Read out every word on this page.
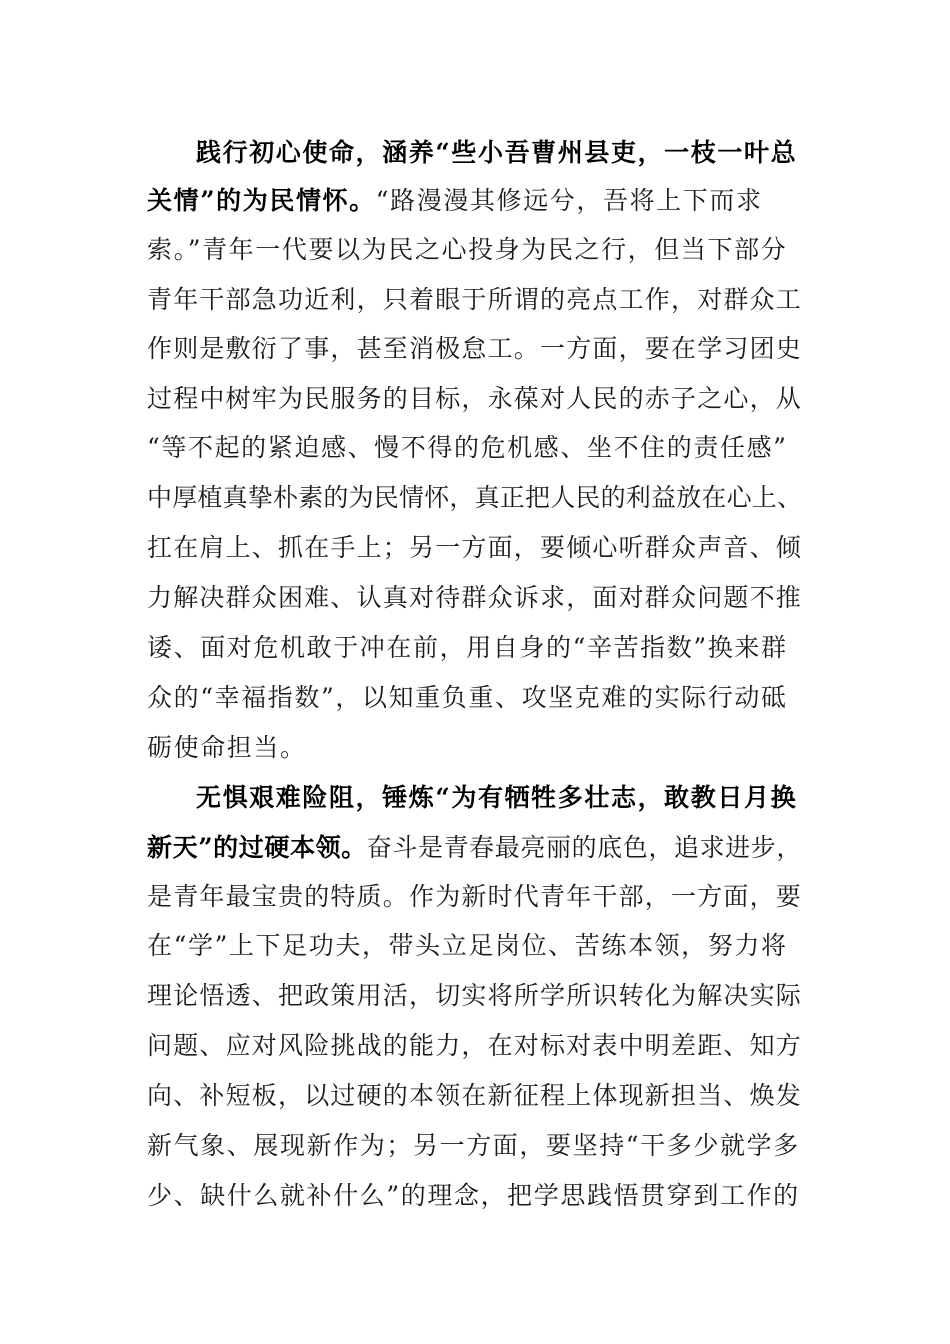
践行初心使命，涵养“些小吾曹州县吏，一枝一叶总
关情”的为民情怀。“路漫漫其修远兮，吾将上下而求
索。”青年一代要以为民之心投身为民之行，但当下部分
青年干部急功近利，只着眼于所谓的亮点工作，对群众工
作则是敷衍了事，甚至消极怠工。一方面，要在学习团史
过程中树牢为民服务的目标，永葆对人民的赤子之心，从
“等不起的紧迫感、慢不得的危机感、坐不住的责任感”
中厚植真挚朴素的为民情怀，真正把人民的利益放在心上、
扛在肩上、抓在手上；另一方面，要倾心听群众声音、倾
力解决群众困难、认真对待群众诉求，面对群众问题不推
诿、面对危机敢于冲在前，用自身的“辛苦指数”换来群
众的“幸福指数”，以知重负重、攻坚克难的实际行动砥
砺使命担当。
无惧艰难险阻，锤炼“为有牺牲多壮志，敢教日月换
新天”的过硬本领。奋斗是青春最亮丽的底色，追求进步，
是青年最宝贵的特质。作为新时代青年干部，一方面，要
在“学”上下足功夫，带头立足岗位、苦练本领，努力将
理论悟透、把政策用活，切实将所学所识转化为解决实际
问题、应对风险挑战的能力，在对标对表中明差距、知方
向、补短板，以过硬的本领在新征程上体现新担当、焕发
新气象、展现新作为；另一方面，要坚持“干多少就学多
少、缺什么就补什么”的理念，把学思践悟贯穿到工作的
